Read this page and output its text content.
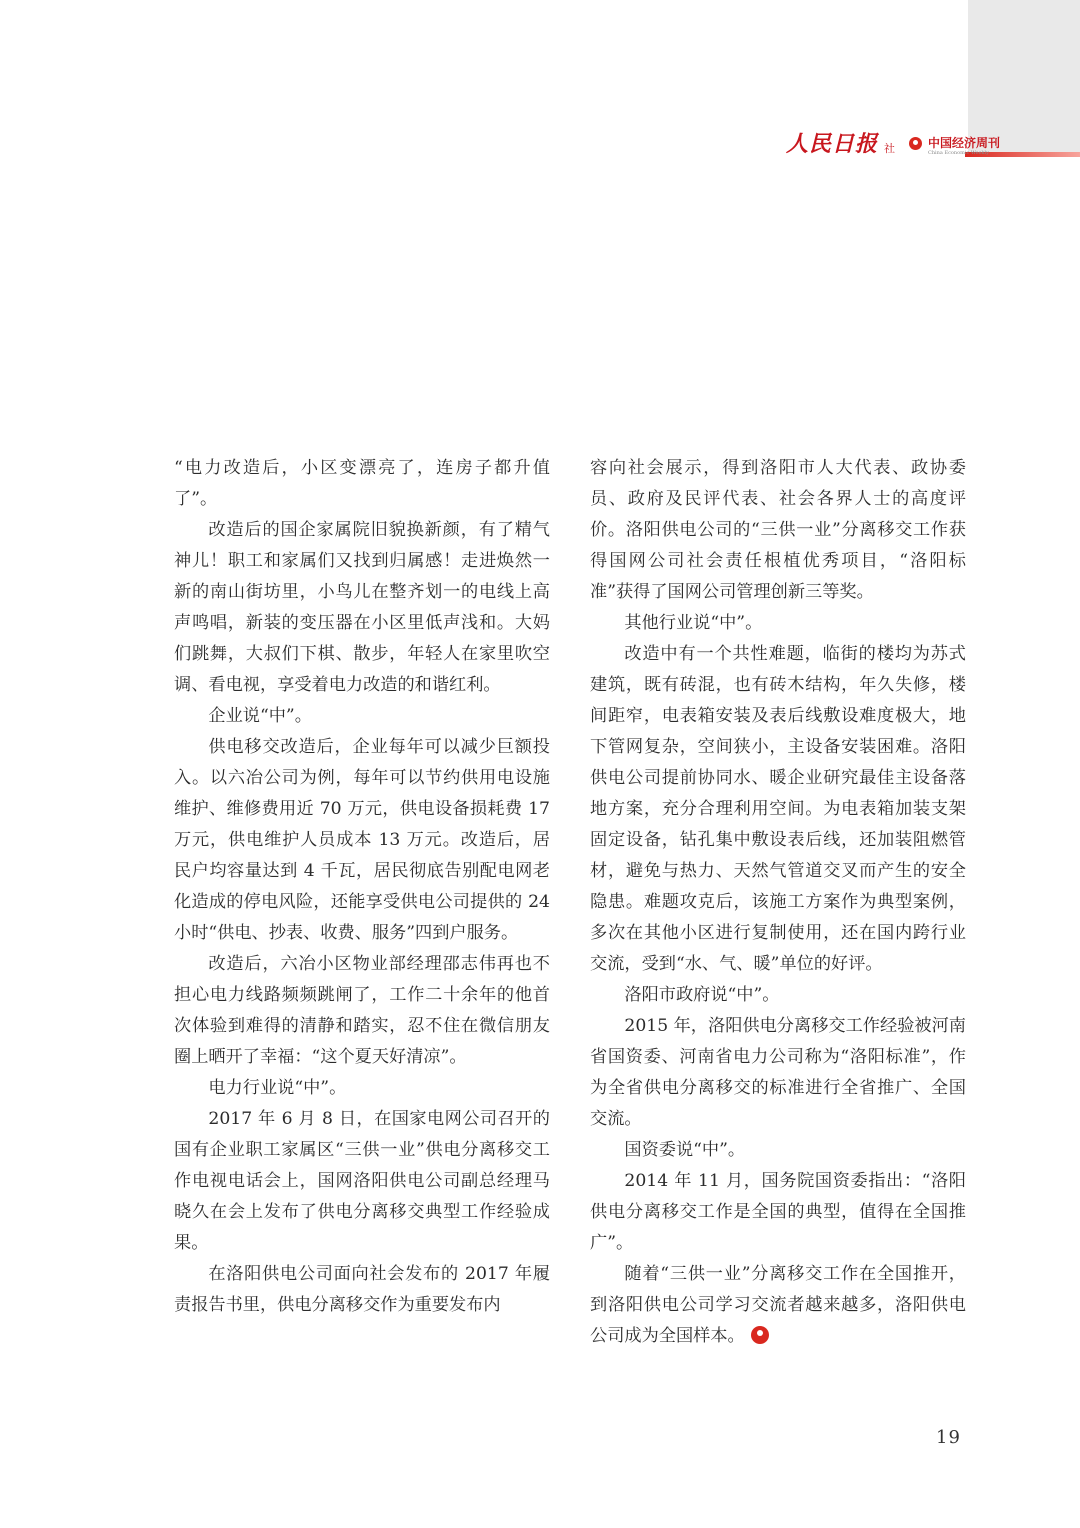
人民日报 社	中国经济周刊
China Economic Weekly

“电力改造后，小区变漂亮了，连房子都升值了”。

改造后的国企家属院旧貌换新颜，有了精气神儿！职工和家属们又找到归属感！走进焕然一新的南山街坊里，小鸟儿在整齐划一的电线上高声鸣唱，新装的变压器在小区里低声浅和。大妈们跳舞，大叔们下棋、散步，年轻人在家里吹空调、看电视，享受着电力改造的和谐红利。

企业说“中”。

供电移交改造后，企业每年可以减少巨额投入。以六冶公司为例，每年可以节约供用电设施维护、维修费用近 70 万元，供电设备损耗费 17 万元，供电维护人员成本 13 万元。改造后，居民户均容量达到 4 千瓦，居民彻底告别配电网老化造成的停电风险，还能享受供电公司提供的 24 小时“供电、抄表、收费、服务”四到户服务。

改造后，六冶小区物业部经理邵志伟再也不担心电力线路频频跳闸了，工作二十余年的他首次体验到难得的清静和踏实，忍不住在微信朋友圈上晒开了幸福：“这个夏天好清凉”。

电力行业说“中”。

2017 年 6 月 8 日，在国家电网公司召开的国有企业职工家属区“三供一业”供电分离移交工作电视电话会上，国网洛阳供电公司副总经理马晓久在会上发布了供电分离移交典型工作经验成果。

在洛阳供电公司面向社会发布的 2017 年履责报告书里，供电分离移交作为重要发布内

容向社会展示，得到洛阳市人大代表、政协委员、政府及民评代表、社会各界人士的高度评价。洛阳供电公司的“三供一业”分离移交工作获得国网公司社会责任根植优秀项目，“洛阳标准”获得了国网公司管理创新三等奖。

其他行业说“中”。

改造中有一个共性难题，临街的楼均为苏式建筑，既有砖混，也有砖木结构，年久失修，楼间距窄，电表箱安装及表后线敷设难度极大，地下管网复杂，空间狭小，主设备安装困难。洛阳供电公司提前协同水、暖企业研究最佳主设备落地方案，充分合理利用空间。为电表箱加装支架固定设备，钻孔集中敷设表后线，还加装阻燃管材，避免与热力、天然气管道交叉而产生的安全隐患。难题攻克后，该施工方案作为典型案例，多次在其他小区进行复制使用，还在国内跨行业交流，受到“水、气、暖”单位的好评。

洛阳市政府说“中”。

2015 年，洛阳供电分离移交工作经验被河南省国资委、河南省电力公司称为“洛阳标准”，作为全省供电分离移交的标准进行全省推广、全国交流。

国资委说“中”。

2014 年 11 月，国务院国资委指出：“洛阳供电分离移交工作是全国的典型，值得在全国推广”。

随着“三供一业”分离移交工作在全国推开，到洛阳供电公司学习交流者越来越多，洛阳供电公司成为全国样本。

19
